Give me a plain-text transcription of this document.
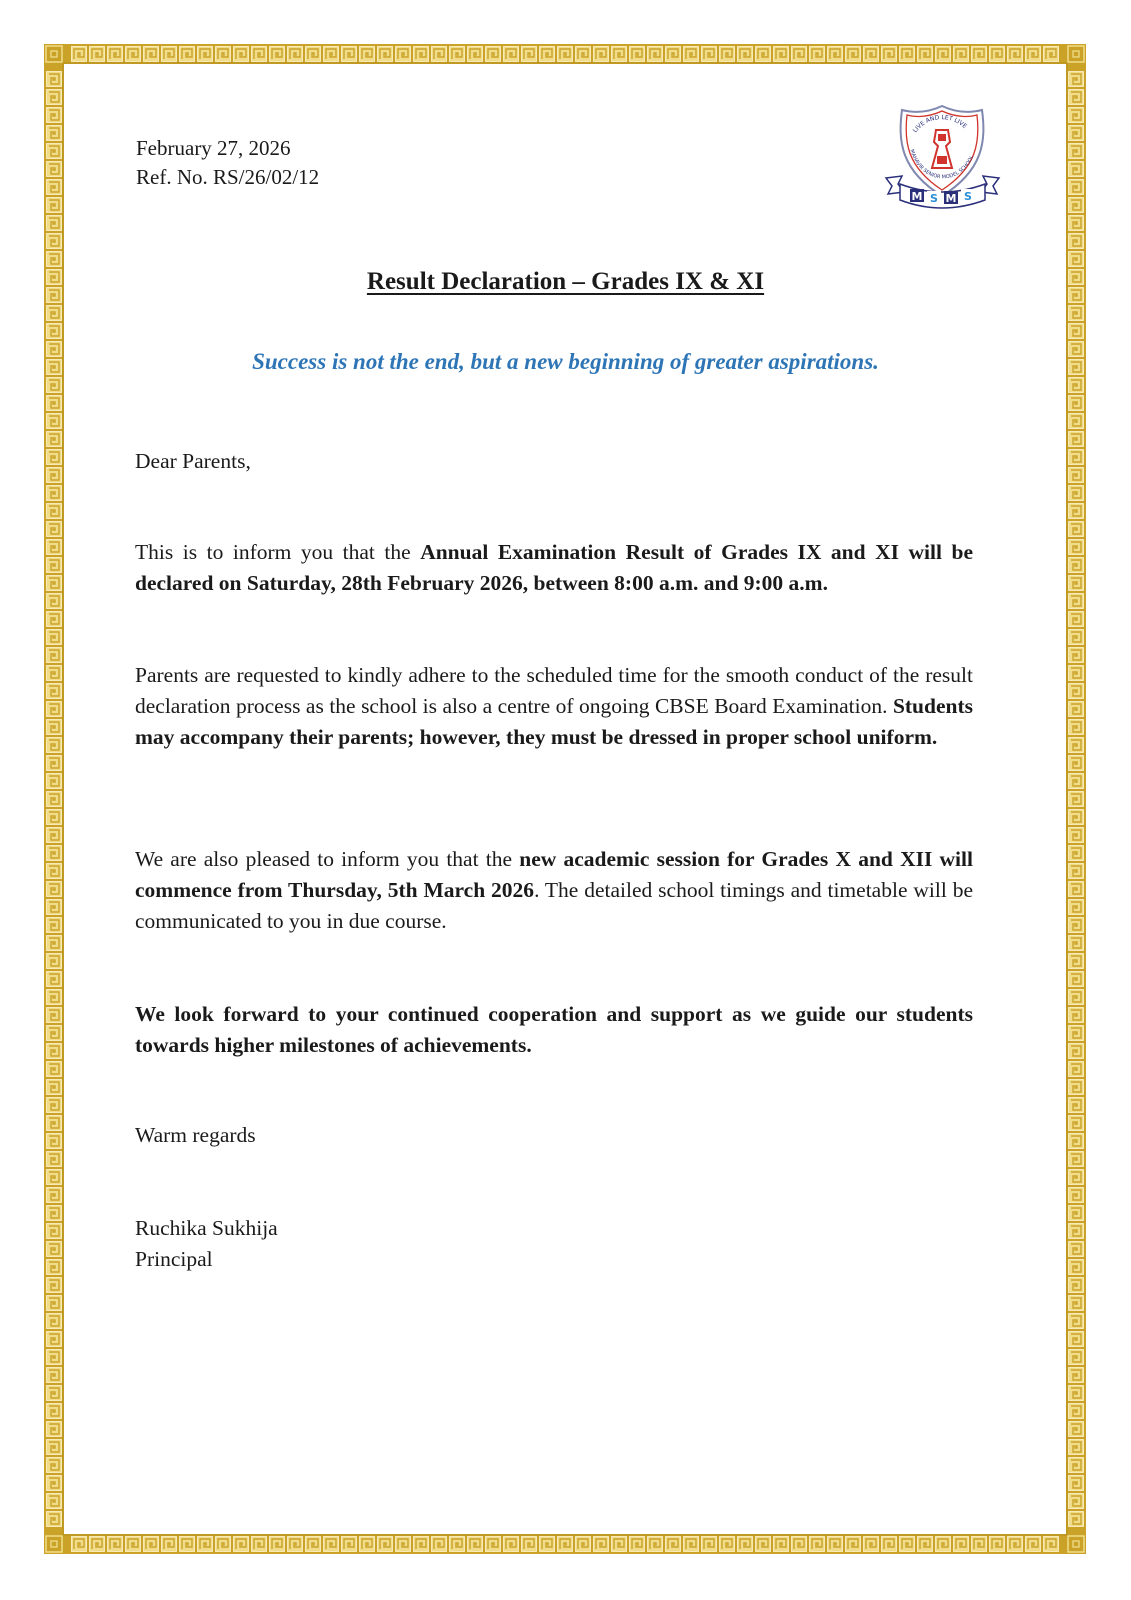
LIVE AND LET LIVE
MAHAVIR SENIOR MODEL SCHOOL
M S M S
February 27, 2026
Ref. No. RS/26/02/12
Result Declaration – Grades IX & XI
Success is not the end, but a new beginning of greater aspirations.
Dear Parents,
This is to inform you that the Annual Examination Result of Grades IX and XI will be declared on Saturday, 28th February 2026, between 8:00 a.m. and 9:00 a.m.
Parents are requested to kindly adhere to the scheduled time for the smooth conduct of the result declaration process as the school is also a centre of ongoing CBSE Board Examination. Students may accompany their parents; however, they must be dressed in proper school uniform.
We are also pleased to inform you that the new academic session for Grades X and XII will commence from Thursday, 5th March 2026. The detailed school timings and timetable will be communicated to you in due course.
We look forward to your continued cooperation and support as we guide our students towards higher milestones of achievements.
Warm regards
Ruchika Sukhija
Principal
